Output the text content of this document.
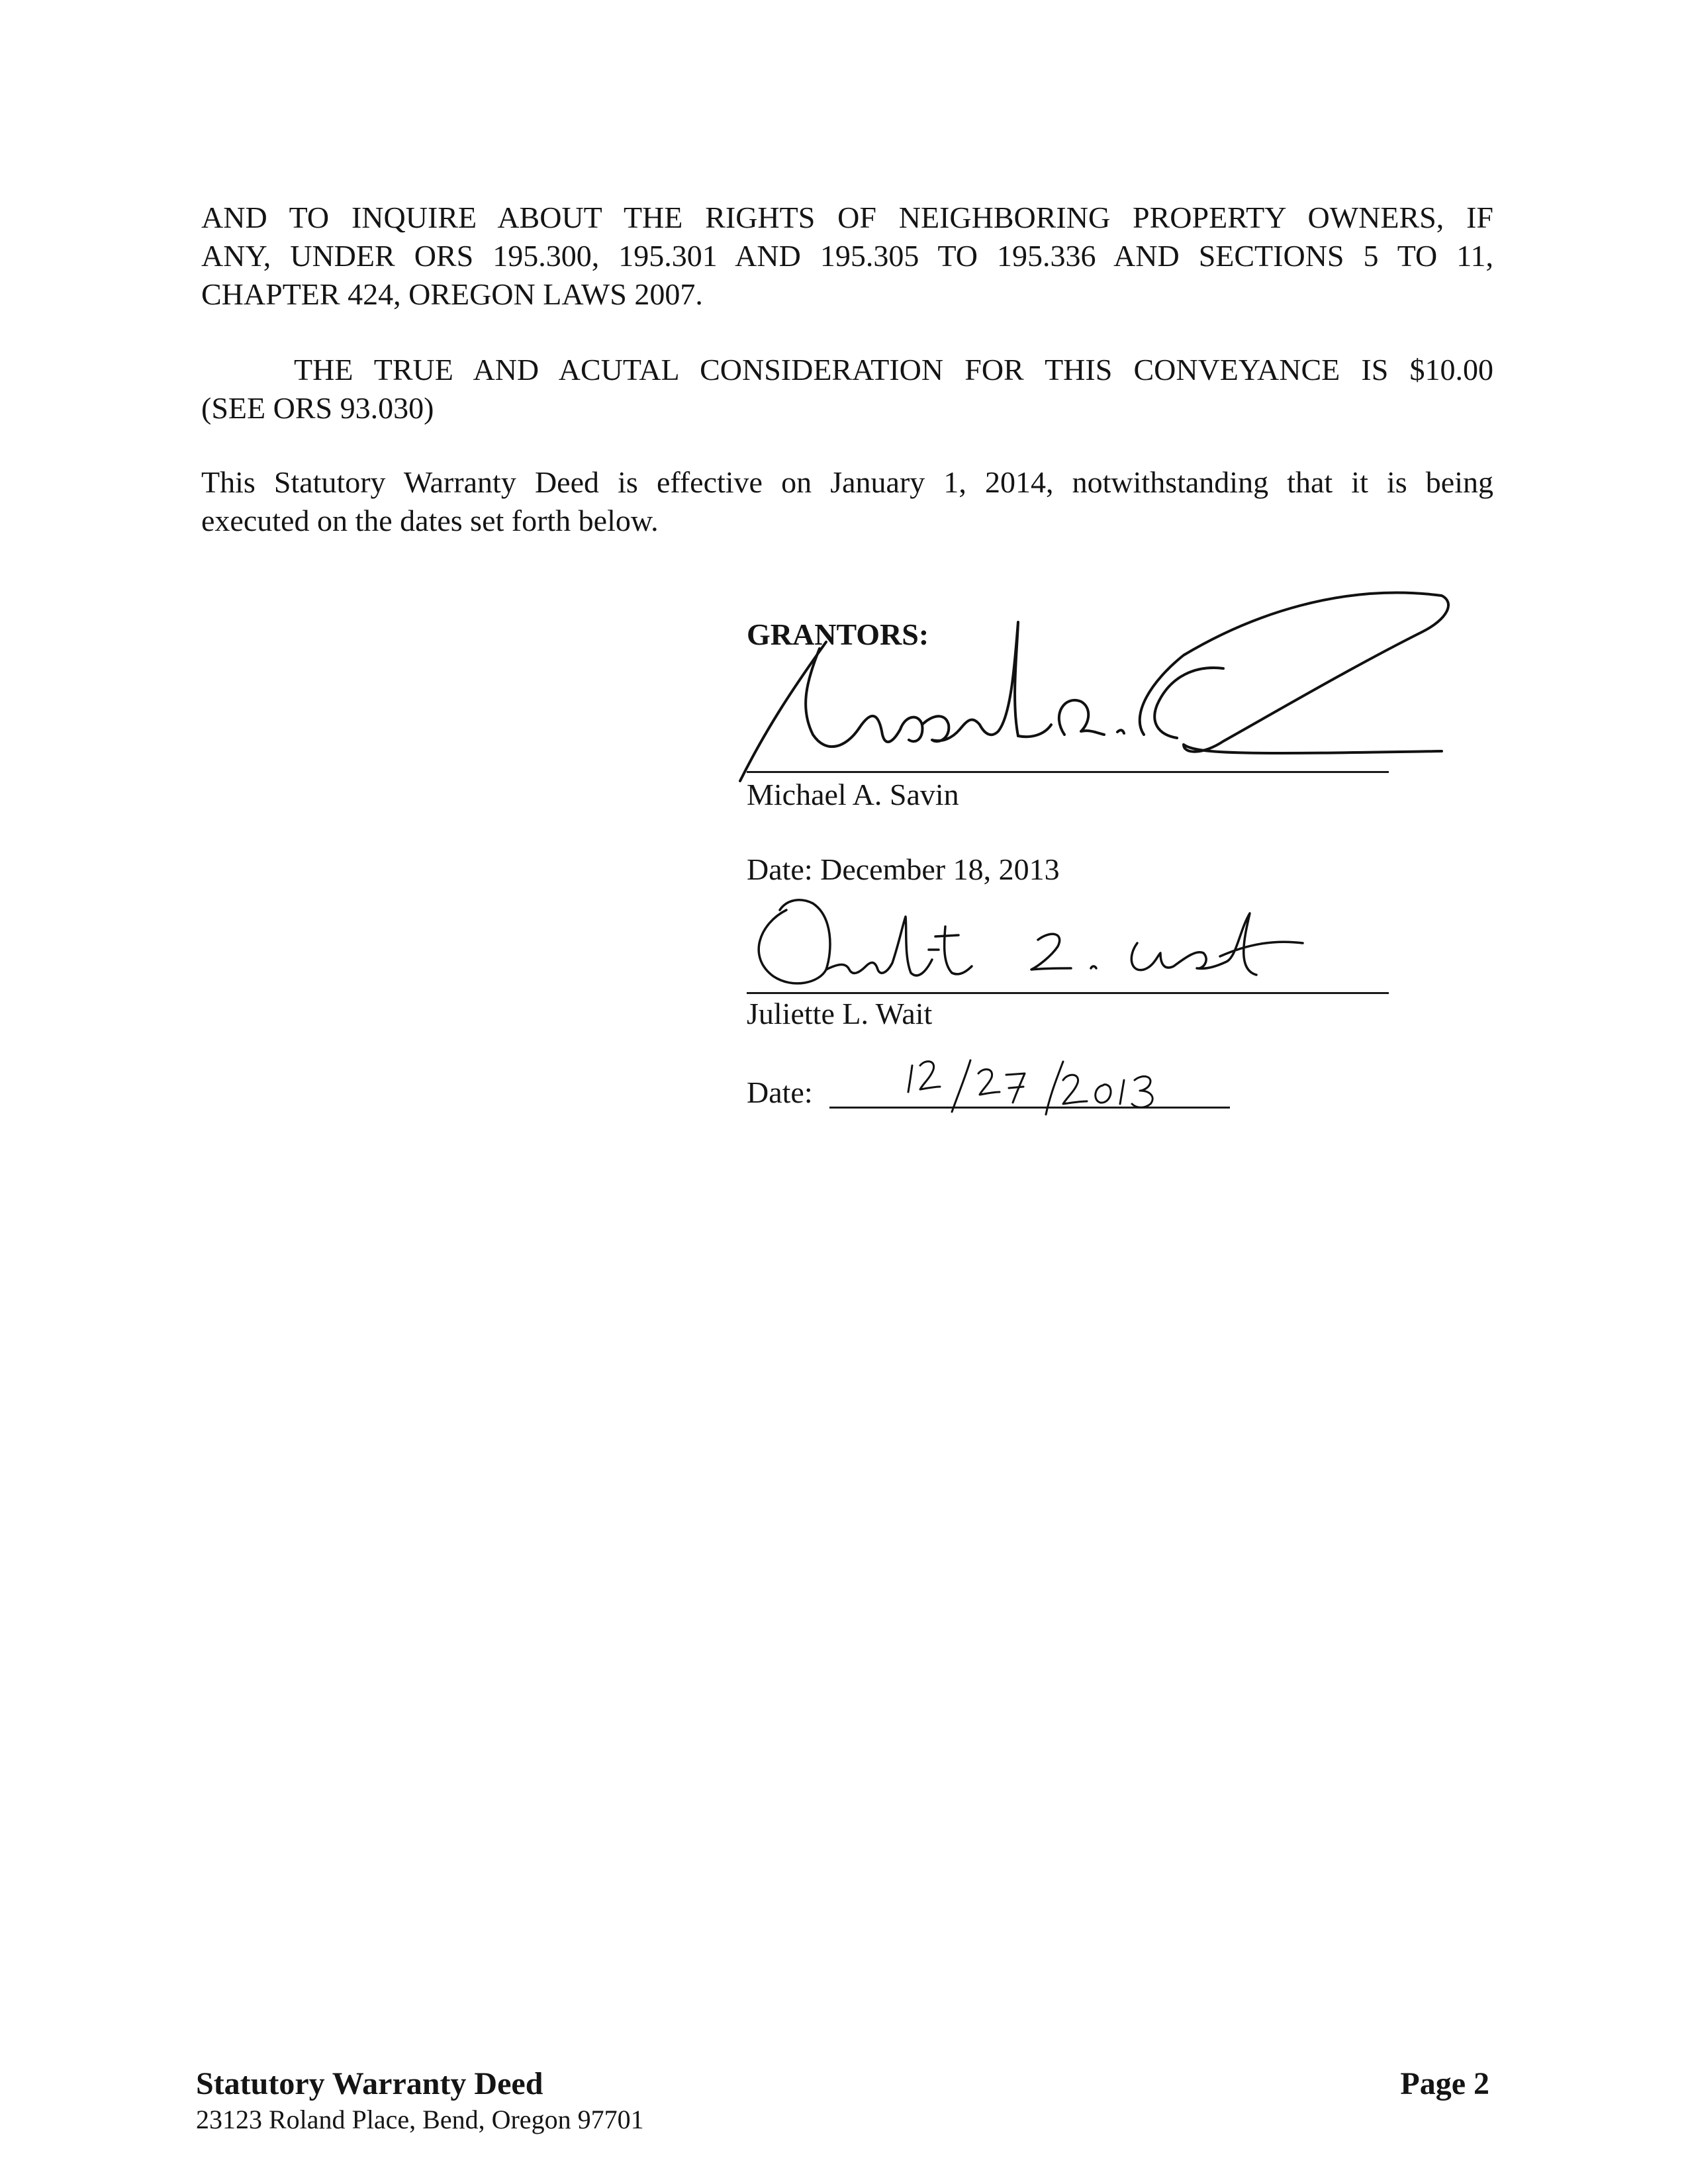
AND TO INQUIRE ABOUT THE RIGHTS OF NEIGHBORING PROPERTY OWNERS, IF
ANY, UNDER ORS 195.300, 195.301 AND 195.305 TO 195.336 AND SECTIONS 5 TO 11,
CHAPTER 424, OREGON LAWS 2007.
THE TRUE AND ACUTAL CONSIDERATION FOR THIS CONVEYANCE IS $10.00
(SEE ORS 93.030)
This Statutory Warranty Deed is effective on January 1, 2014, notwithstanding that it is being
executed on the dates set forth below.
GRANTORS:
Michael A. Savin
Date: December 18, 2013
Juliette L. Wait
Date:
Statutory Warranty Deed
23123 Roland Place, Bend, Oregon 97701
Page 2
